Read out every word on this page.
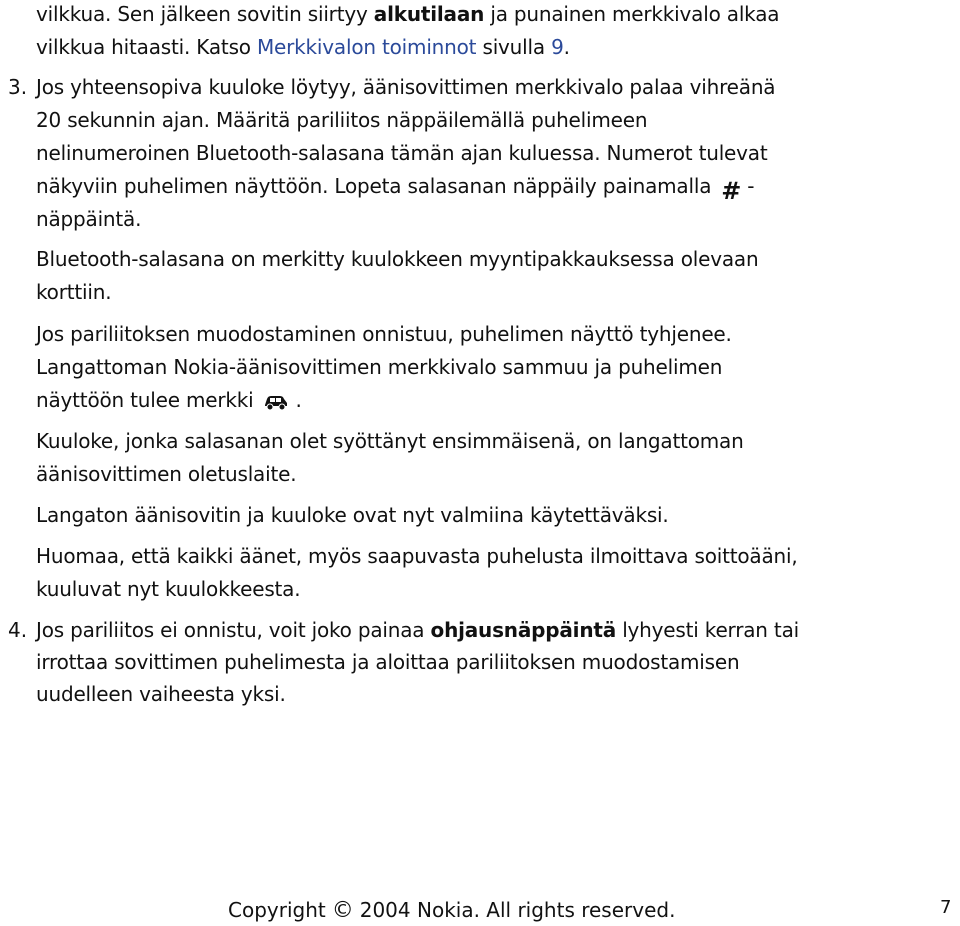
vilkkua. Sen jälkeen sovitin siirtyy alkutilaan ja punainen merkkivalo alkaa
vilkkua hitaasti. Katso Merkkivalon toiminnot sivulla 9.
3. Jos yhteensopiva kuuloke löytyy, äänisovittimen merkkivalo palaa vihreänä
20 sekunnin ajan. Määritä pariliitos näppäilemällä puhelimeen
nelinumeroinen Bluetooth-salasana tämän ajan kuluessa. Numerot tulevat
näkyviin puhelimen näyttöön. Lopeta salasanan näppäily painamalla # -
näppäintä.
Bluetooth-salasana on merkitty kuulokkeen myyntipakkauksessa olevaan
korttiin.
Jos pariliitoksen muodostaminen onnistuu, puhelimen näyttö tyhjenee.
Langattoman Nokia-äänisovittimen merkkivalo sammuu ja puhelimen
näyttöön tulee merkki .
Kuuloke, jonka salasanan olet syöttänyt ensimmäisenä, on langattoman
äänisovittimen oletuslaite.
Langaton äänisovitin ja kuuloke ovat nyt valmiina käytettäväksi.
Huomaa, että kaikki äänet, myös saapuvasta puhelusta ilmoittava soittoääni,
kuuluvat nyt kuulokkeesta.
4. Jos pariliitos ei onnistu, voit joko painaa ohjausnäppäintä lyhyesti kerran tai
irrottaa sovittimen puhelimesta ja aloittaa pariliitoksen muodostamisen
uudelleen vaiheesta yksi.
Copyright © 2004 Nokia. All rights reserved.	7
